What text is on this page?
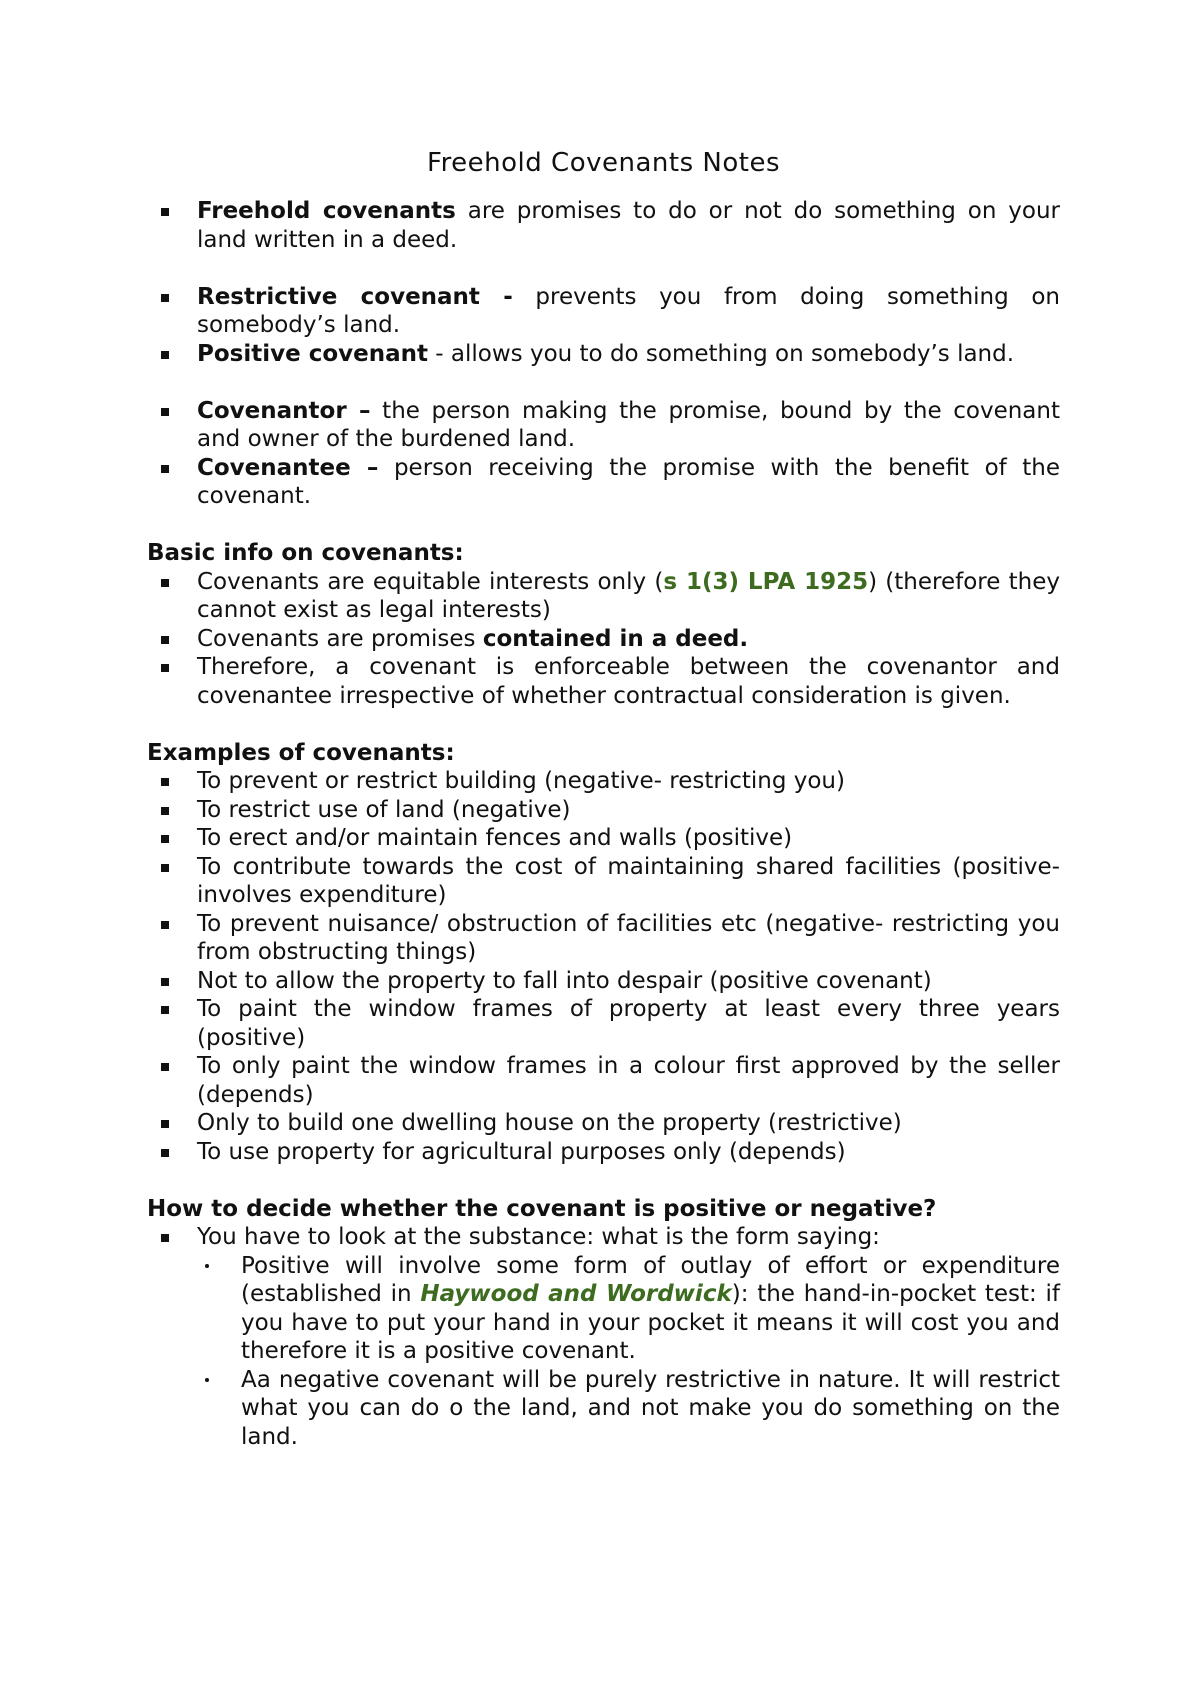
Freehold Covenants Notes
Freehold covenants are promises to do or not do something on your land written in a deed.
Restrictive covenant - prevents you from doing something on somebody’s land.
Positive covenant - allows you to do something on somebody’s land.
Covenantor – the person making the promise, bound by the covenant and owner of the burdened land.
Covenantee – person receiving the promise with the benefit of the covenant.

Basic info on covenants:

Covenants are equitable interests only (s 1(3) LPA 1925) (therefore they cannot exist as legal interests)
Covenants are promises contained in a deed.
Therefore, a covenant is enforceable between the covenantor and covenantee irrespective of whether contractual consideration is given.

Examples of covenants:

To prevent or restrict building (negative- restricting you)
To restrict use of land (negative)
To erect and/or maintain fences and walls (positive)
To contribute towards the cost of maintaining shared facilities (positive- involves expenditure)
To prevent nuisance/ obstruction of facilities etc (negative- restricting you from obstructing things)
Not to allow the property to fall into despair (positive covenant)
To paint the window frames of property at least every three years (positive)
To only paint the window frames in a colour first approved by the seller (depends)
Only to build one dwelling house on the property (restrictive)
To use property for agricultural purposes only (depends)

How to decide whether the covenant is positive or negative?

You have to look at the substance: what is the form saying:
Positive will involve some form of outlay of effort or expenditure (established in Haywood and Wordwick): the hand-in-pocket test: if you have to put your hand in your pocket it means it will cost you and therefore it is a positive covenant.
Aa negative covenant will be purely restrictive in nature. It will restrict what you can do o the land, and not make you do something on the land.
